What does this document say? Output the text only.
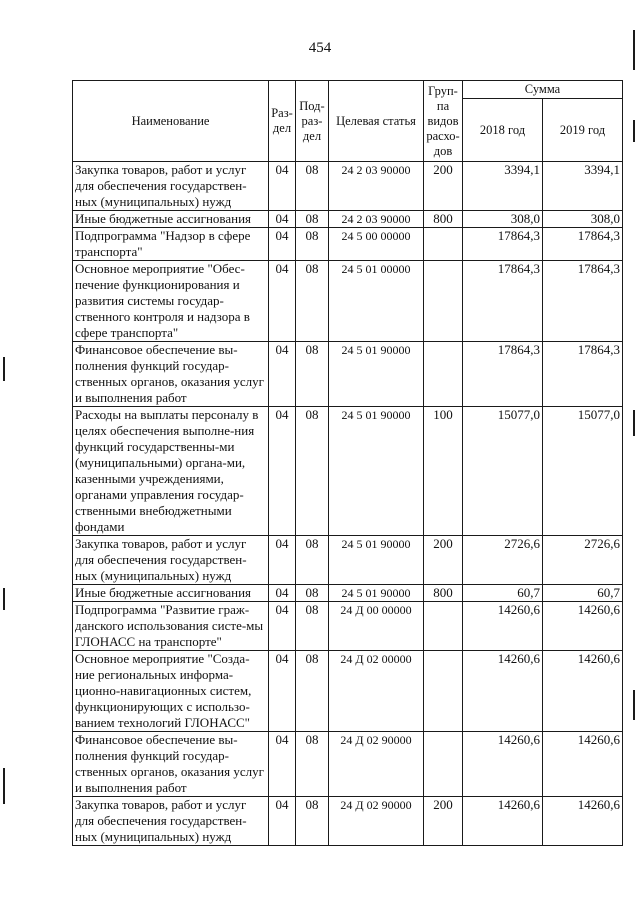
454
Наименование	Раз-дел	Под-раз-дел	Целевая статья	Груп-па видов расхо-дов	Сумма	
					2018 год	2019 год
Закупка товаров, работ и услуг для обеспечения государствен-ных (муниципальных) нужд	04	08	24 2 03 90000	200	3394,1	3394,1
Иные бюджетные ассигнования	04	08	24 2 03 90000	800	308,0	308,0
Подпрограмма "Надзор в сфере транспорта"	04	08	24 5 00 00000		17864,3	17864,3
Основное мероприятие "Обес-печение функционирования и развития системы государ-ственного контроля и надзора в сфере транспорта"	04	08	24 5 01 00000		17864,3	17864,3
Финансовое обеспечение вы-полнения функций государ-ственных органов, оказания услуг и выполнения работ	04	08	24 5 01 90000		17864,3	17864,3
Расходы на выплаты персоналу в целях обеспечения выполне-ния функций государственны-ми (муниципальными) органа-ми, казенными учреждениями, органами управления государ-ственными внебюджетными фондами	04	08	24 5 01 90000	100	15077,0	15077,0
Закупка товаров, работ и услуг для обеспечения государствен-ных (муниципальных) нужд	04	08	24 5 01 90000	200	2726,6	2726,6
Иные бюджетные ассигнования	04	08	24 5 01 90000	800	60,7	60,7
Подпрограмма "Развитие граж-данского использования систе-мы ГЛОНАСС на транспорте"	04	08	24 Д 00 00000		14260,6	14260,6
Основное мероприятие "Созда-ние региональных информа-ционно-навигационных систем, функционирующих с использо-ванием технологий ГЛОНАСС"	04	08	24 Д 02 00000		14260,6	14260,6
Финансовое обеспечение вы-полнения функций государ-ственных органов, оказания услуг и выполнения работ	04	08	24 Д 02 90000		14260,6	14260,6
Закупка товаров, работ и услуг для обеспечения государствен-ных (муниципальных) нужд	04	08	24 Д 02 90000	200	14260,6	14260,6
